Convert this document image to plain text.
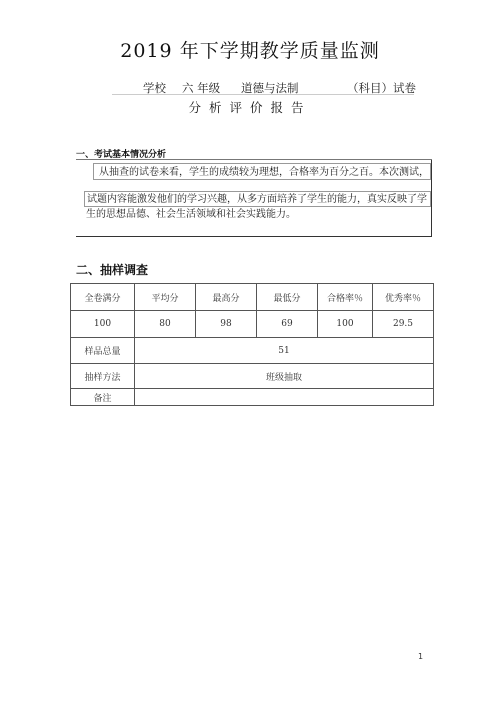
2019 年下学期教学质量监测
学校 六 年级 道德与法制	（科目）试卷
分析评价报告
一、考试基本情况分析
从抽查的试卷来看，学生的成绩较为理想，合格率为百分之百。本次测试，
试题内容能激发他们的学习兴趣，从多方面培养了学生的能力，真实反映了学
生的思想品德、社会生活领域和社会实践能力。
二、抽样调查
全卷满分	平均分	最高分	最低分	合格率％	优秀率％
100	80	98	69	100	29.5
样品总量	51				
抽样方法	班级抽取				
备注					
1
